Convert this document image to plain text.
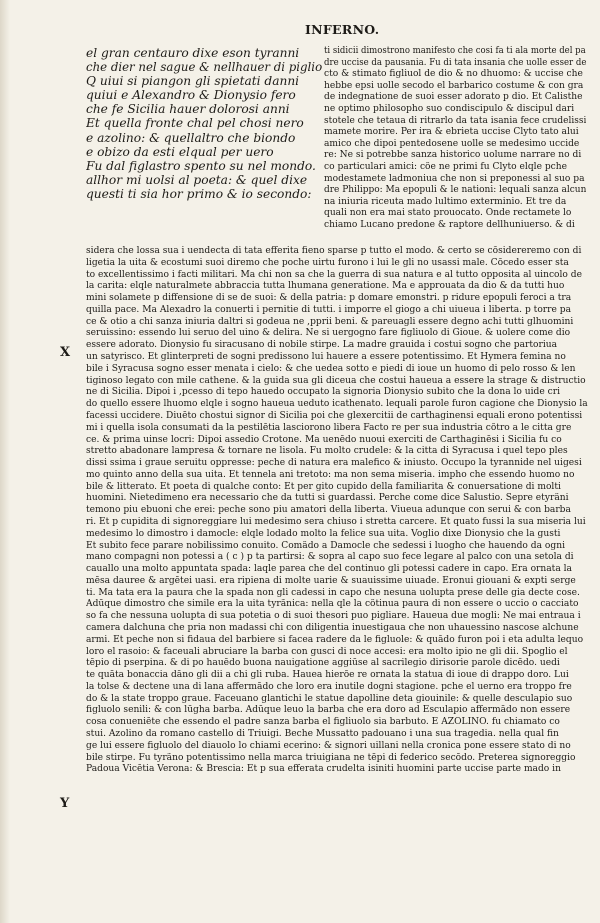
INFERNO.
el gran centauro dixe eson tyranni
che dier nel sague & nellhauer di piglio
Q uiui si piangon gli spietati danni
quiui e Alexandro & Dionysio fero
che fe Sicilia hauer dolorosi anni
Et quella fronte chal pel chosi nero
e azolino: & quellaltro che biondo
e obizo da esti elqual per uero
Fu dal figlastro spento su nel mondo.
allhor mi uolsi al poeta: & quel dixe
questi ti sia hor primo & io secondo:
ti sidicii dimostrono manifesto che cosi fa ti ala morte del pa
dre uccise da pausania. Fu di tata insania che uolle esser de
cto & stimato figliuol de dio & no dhuomo: & uccise che
hebbe epsi uolle secodo el barbarico costume & con gra
de indegnatione de suoi esser adorato p dio. Et Calisthe
ne optimo philosopho suo condiscipulo & discipul dari
stotele che tetaua di ritrarlo da tata isania fece crudelissi
mamete morire. Per ira & ebrieta uccise Clyto tato alui
amico che dipoi pentedosene uolle se medesimo uccide
re: Ne si potrebbe sanza historico uolume narrare no di
co particulari amici: cõe ne primi fu Clyto elqle pche
modestamete ladmoniua che non si preponessi al suo pa
dre Philippo: Ma epopuli & le nationi: lequali sanza alcun
na iniuria riceuta mado lultimo exterminio. Et tre da
quali non era mai stato prouocato. Onde rectamete lo
chiamo Lucano predone & raptore dellhuniuerso. & di
sidera che lossa sua i uendecta di tata efferita fieno sparse p tutto el modo. & certo se cõsidereremo con di
ligetia la uita & ecostumi suoi diremo che poche uirtu furono i lui le gli no usassi male. Cõcedo esser sta
to excellentissimo i facti militari. Ma chi non sa che la guerra di sua natura e al tutto opposita al uincolo de
la carita: elqle naturalmete abbraccia tutta lhumana generatione. Ma e approuata da dio & da tutti huo
mini solamete p diffensione di se de suoi: & della patria: p domare emonstri. p ridure epopuli feroci a tra
quilla pace. Ma Alexadro la conuerti i pernitie di tutti. i imporre el giogo a chi uiueua i liberta. p torre pa
ce & otio a chi sanza iniuria daltri si godeua ne ,pprii beni. & pareuagli essere degno achi tutti glhuomini
seruissino: essendo lui seruo del uino & delira. Ne si uergogno fare figliuolo di Gioue. & uolere come dio
essere adorato. Dionysio fu siracusano di nobile stirpe. La madre grauida i costui sogno che partoriua
un satyrisco. Et glinterpreti de sogni predissono lui hauere a essere potentissimo. Et Hymera femina no
bile i Syracusa sogno esser menata i cielo: & che uedea sotto e piedi di ioue un huomo di pelo rosso & len
tiginoso legato con mile cathene. & la guida sua gli diceua che costui haueua a essere la strage & distructio
ne di Sicilia. Dipoi i ,pcesso di tepo hauedo occupato la signoria Dionysio subito che la dona lo uide cri
do quello essere lhuomo elqle i sogno haueua ueduto icathenato. lequali parole furon cagione che Dionysio la
facessi uccidere. Diuēto chostui signor di Sicilia poi che glexercitii de carthaginensi equali erono potentissi
mi i quella isola consumati da la pestilētia lasciorono libera Facto re per sua industria cõtro a le citta gre
ce. & prima uinse locri: Dipoi assedio Crotone. Ma uenēdo nuoui exerciti de Carthaginēsi i Sicilia fu co
stretto abadonare lampresa & tornare ne lisola. Fu molto crudele: & la citta di Syracusa i quel tepo ples
dissi ssima i graue seruitu oppresse: peche di natura era malefico & iniusto. Occupo la tyrannide nel uigesi
mo quinto anno della sua uita. Et tennela ani tretoto: ma non sema miseria. impho che essendo huomo no
bile & litterato. Et poeta di qualche conto: Et per gito cupido della familiarita & conuersatione di molti
huomini. Nietedimeno era necessario che da tutti si guardassi. Perche come dice Salustio. Sepre etyrãni
temono piu ebuoni che erei: peche sono piu amatori della liberta. Viueua adunque con serui & con barba
ri. Et p cupidita di signoreggiare lui medesimo sera chiuso i stretta carcere. Et quato fussi la sua miseria lui
medesimo lo dimostro i damocle: elqle lodado molto la felice sua uita. Voglio dixe Dionysio che la gusti
Et subito fece parare nobilissimo conuito. Comãdo a Damocle che sedessi i luogho che hauendo da ogni
mano compagni non potessi a ( c ) p ta partirsi: & sopra al capo suo fece legare al palco con una setola di
cauallo una molto appuntata spada: laqle parea che del continuo gli potessi cadere in capo. Era ornata la
mēsa dauree & argētei uasi. era ripiena di molte uarie & suauissime uiuade. Eronui giouani & expti serge
ti. Ma tata era la paura che la spada non gli cadessi in capo che nesuna uolupta prese delle gia decte cose.
Adūque dimostro che simile era la uita tyrãnica: nella qle la cõtinua paura di non essere o uccio o cacciato
so fa che nessuna uolupta di sua potetia o di suoi thesori puo pigliare. Haueua due mogli: Ne mai entraua i
camera dalchuna che pria non madassi chi con diligentia inuestigaua che non uhauessino nascose alchune
armi. Et peche non si fidaua del barbiere si facea radere da le figluole: & quādo furon poi i eta adulta lequo
loro el rasoio: & faceuali abruciare la barba con gusci di noce accesi: era molto ipio ne gli dii. Spoglio el
tēpio di pserpina. & di po hauēdo buona nauigatione aggiūse al sacrilegio dirisorie parole dicēdo. uedi
te quāta bonaccia dāno gli dii a chi gli ruba. Hauea hierõe re ornata la statua di ioue di drappo doro. Lui
la tolse & dectene una di lana affermādo che loro era inutile dogni stagione. pche el uerno era troppo fre
do & la state troppo graue. Faceuano glantichi le statue dapolline deta giouinile: & quelle desculapio suo
figluolo senili: & con lūgha barba. Adūque leuo la barba che era doro ad Esculapio affermādo non essere
cosa conueniēte che essendo el padre sanza barba el figliuolo sia barbuto. E AZOLINO. fu chiamato co
stui. Azolino da romano castello di Triuigi. Beche Mussatto padouano i una sua tragedia. nella qual fin
ge lui essere figluolo del diauolo lo chiami ecerino: & signori uillani nella cronica pone essere stato di no
bile stirpe. Fu tyrãno potentissimo nella marca triuigiana ne tēpi di federico secōdo. Preterea signoreggio
Padoua Vicētia Verona: & Brescia: Et p sua efferata crudelta isiniti huomini parte uccise parte mado in
X
Y
